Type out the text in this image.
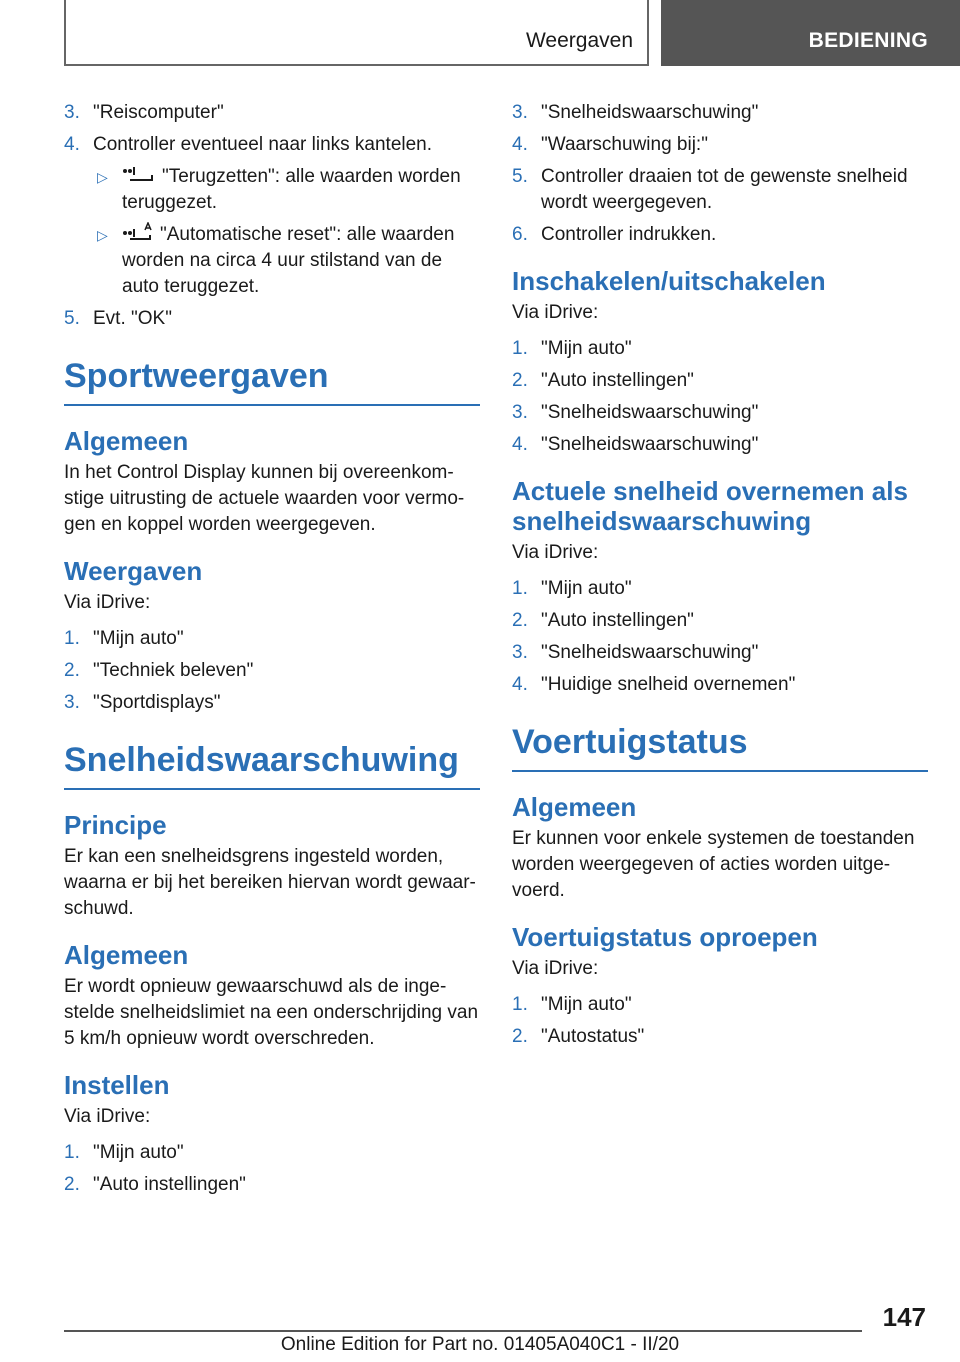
Weergaven	BEDIENING
3. "Reiscomputer"
4. Controller eventueel naar links kantelen.
▷	"Terugzetten": alle waarden worden teruggezet.
▷	"Automatische reset": alle waarden worden na circa 4 uur stilstand van de auto teruggezet.
5. Evt. "OK"
Sportweergaven
Algemeen
In het Control Display kunnen bij overeenkom‐stige uitrusting de actuele waarden voor vermo‐gen en koppel worden weergegeven.
Weergaven
Via iDrive:
1. "Mijn auto"
2. "Techniek beleven"
3. "Sportdisplays"
Snelheidswaarschuwing
Principe
Er kan een snelheidsgrens ingesteld worden, waarna er bij het bereiken hiervan wordt gewaar‐schuwd.
Algemeen
Er wordt opnieuw gewaarschuwd als de inge‐stelde snelheidslimiet na een onderschrijding van 5 km/h opnieuw wordt overschreden.
Instellen
Via iDrive:
1. "Mijn auto"
2. "Auto instellingen"
3. "Snelheidswaarschuwing"
4. "Waarschuwing bij:"
5. Controller draaien tot de gewenste snelheid wordt weergegeven.
6. Controller indrukken.
Inschakelen/uitschakelen
Via iDrive:
1. "Mijn auto"
2. "Auto instellingen"
3. "Snelheidswaarschuwing"
4. "Snelheidswaarschuwing"
Actuele snelheid overnemen als snelheidswaarschuwing
Via iDrive:
1. "Mijn auto"
2. "Auto instellingen"
3. "Snelheidswaarschuwing"
4. "Huidige snelheid overnemen"
Voertuigstatus
Algemeen
Er kunnen voor enkele systemen de toestanden worden weergegeven of acties worden uitge‐voerd.
Voertuigstatus oproepen
Via iDrive:
1. "Mijn auto"
2. "Autostatus"
147
Online Edition for Part no. 01405A040C1 - II/20
